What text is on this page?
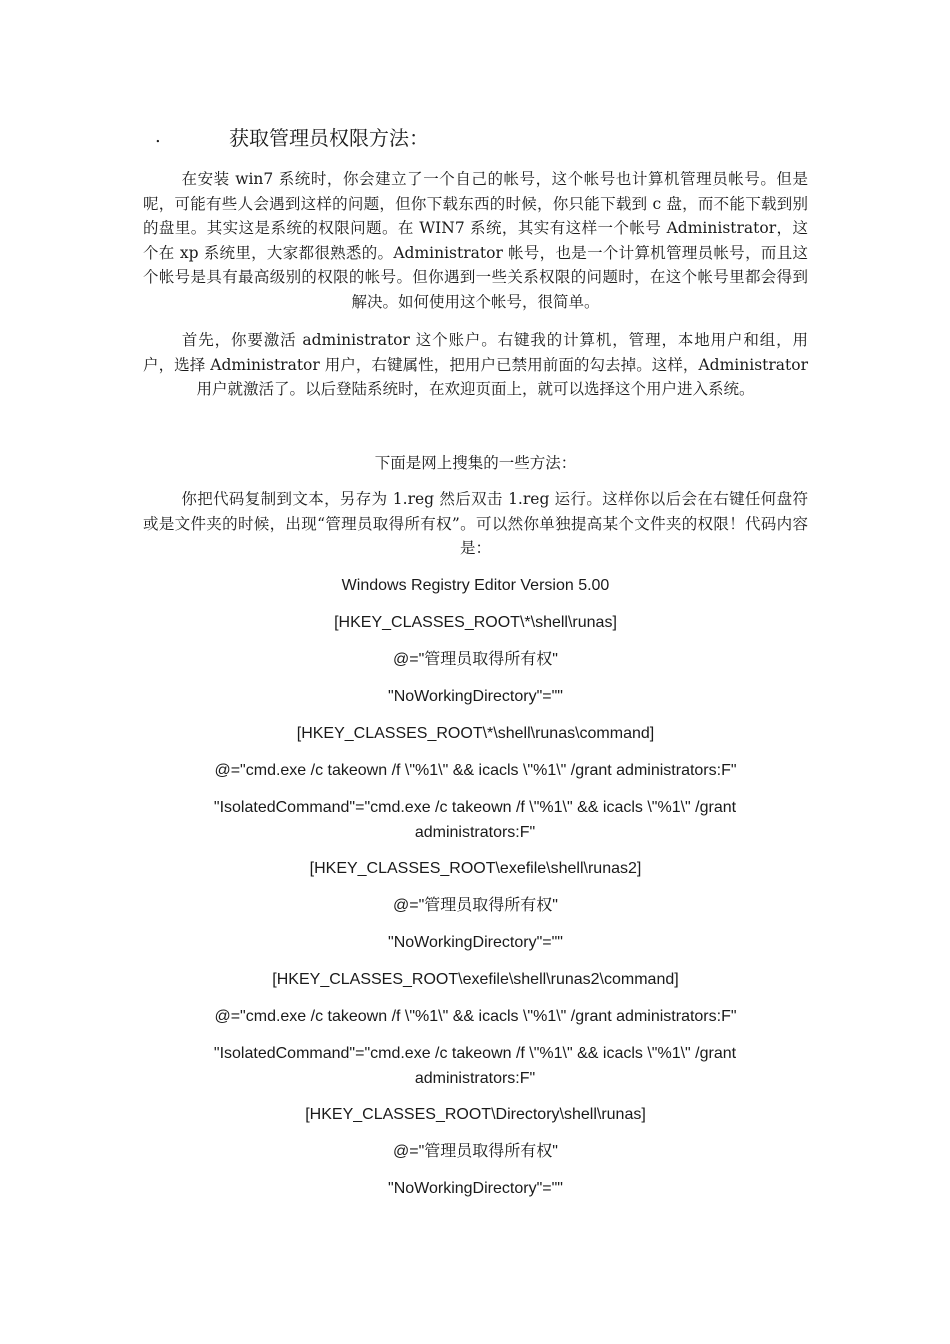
.	获取管理员权限方法：
在安装 win7 系统时，你会建立了一个自己的帐号，这个帐号也计算机管理员帐号。但是呢，可能有些人会遇到这样的问题，但你下载东西的时候，你只能下载到 c 盘，而不能下载到别的盘里。其实这是系统的权限问题。在 WIN7 系统，其实有这样一个帐号 Administrator，这个在 xp 系统里，大家都很熟悉的。Administrator 帐号，也是一个计算机管理员帐号，而且这个帐号是具有最高级别的权限的帐号。但你遇到一些关系权限的问题时，在这个帐号里都会得到解决。如何使用这个帐号，很简单。
首先，你要激活 administrator 这个账户。右键我的计算机，管理，本地用户和组，用户，选择 Administrator 用户，右键属性，把用户已禁用前面的勾去掉。这样，Administrator 用户就激活了。以后登陆系统时，在欢迎页面上，就可以选择这个用户进入系统。
下面是网上搜集的一些方法：
你把代码复制到文本，另存为 1.reg 然后双击 1.reg 运行。这样你以后会在右键任何盘符或是文件夹的时候，出现“管理员取得所有权”。可以然你单独提高某个文件夹的权限！代码内容是：
Windows Registry Editor Version 5.00
[HKEY_CLASSES_ROOT\*\shell\runas]
@="管理员取得所有权"
"NoWorkingDirectory"=""
[HKEY_CLASSES_ROOT\*\shell\runas\command]
@="cmd.exe /c takeown /f \"%1\" && icacls \"%1\" /grant administrators:F"
"IsolatedCommand"="cmd.exe /c takeown /f \"%1\" && icacls \"%1\" /grant administrators:F"
[HKEY_CLASSES_ROOT\exefile\shell\runas2]
@="管理员取得所有权"
"NoWorkingDirectory"=""
[HKEY_CLASSES_ROOT\exefile\shell\runas2\command]
@="cmd.exe /c takeown /f \"%1\" && icacls \"%1\" /grant administrators:F"
"IsolatedCommand"="cmd.exe /c takeown /f \"%1\" && icacls \"%1\" /grant administrators:F"
[HKEY_CLASSES_ROOT\Directory\shell\runas]
@="管理员取得所有权"
"NoWorkingDirectory"=""
